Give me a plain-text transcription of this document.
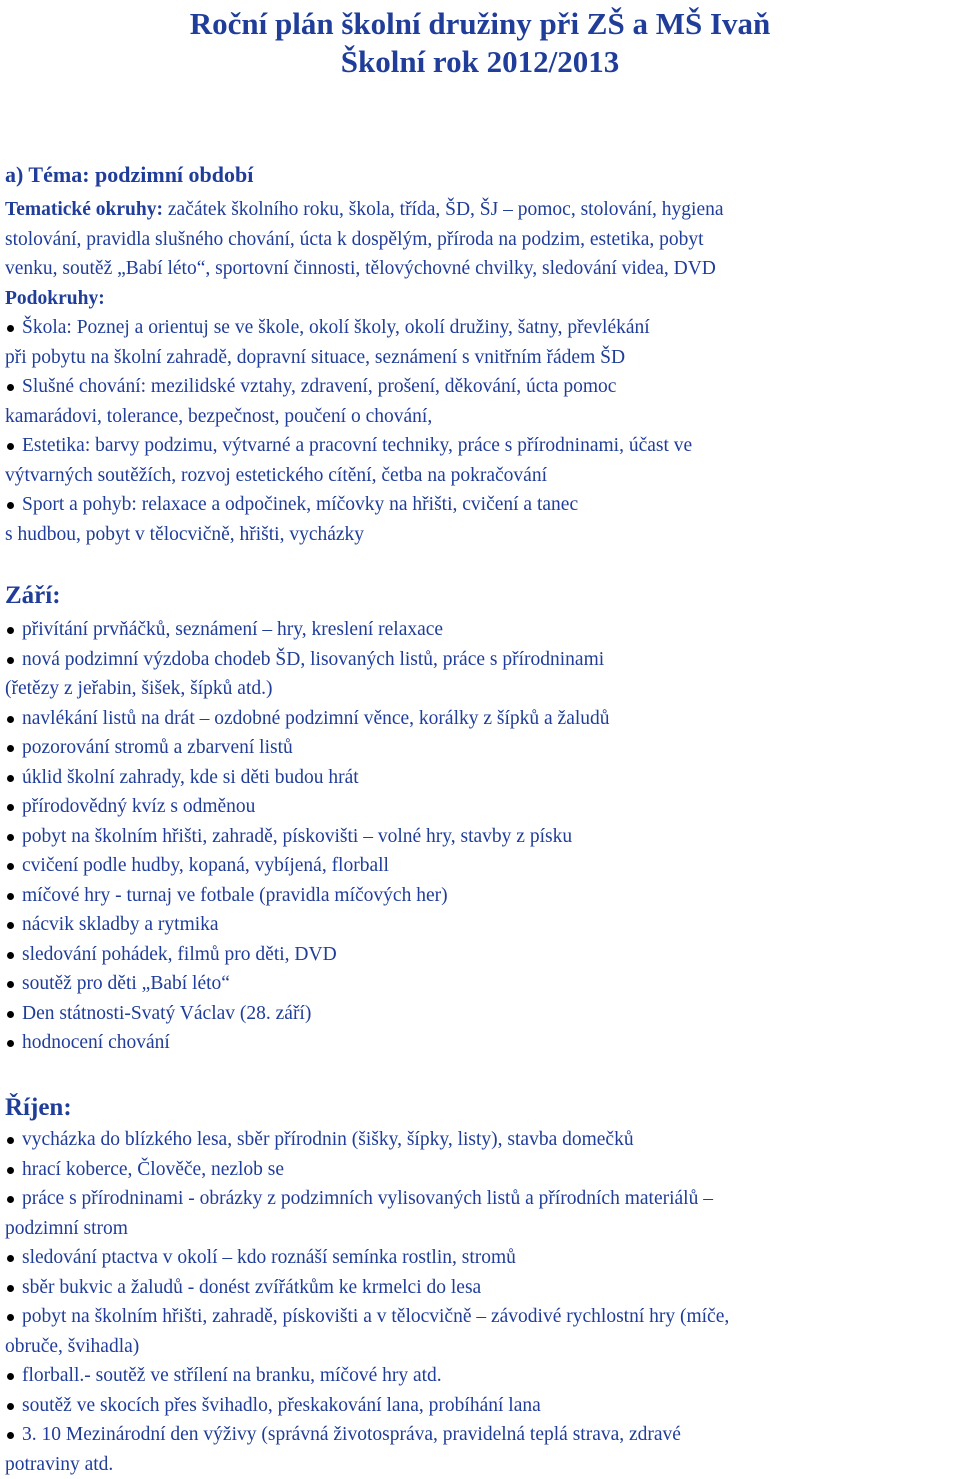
Roční plán školní družiny při ZŠ a MŠ Ivaň
Školní rok 2012/2013
a) Téma: podzimní období
Tematické okruhy: začátek školního roku, škola, třída, ŠD, ŠJ – pomoc, stolování, hygiena
stolování, pravidla slušného chování, úcta k dospělým, příroda na podzim, estetika, pobyt
venku, soutěž „Babí léto“, sportovní činnosti, tělovýchovné chvilky, sledování videa, DVD
Podokruhy:
Škola: Poznej a orientuj se ve škole, okolí školy, okolí družiny, šatny, převlékání
při pobytu na školní zahradě, dopravní situace, seznámení s vnitřním řádem ŠD
Slušné chování: mezilidské vztahy, zdravení, prošení, děkování, úcta pomoc
kamarádovi, tolerance, bezpečnost, poučení o chování,
Estetika: barvy podzimu, výtvarné a pracovní techniky, práce s přírodninami, účast ve
výtvarných soutěžích, rozvoj estetického cítění, četba na pokračování
Sport a pohyb: relaxace a odpočinek, míčovky na hřišti, cvičení a tanec
s hudbou, pobyt v tělocvičně, hřišti, vycházky
Září:
přivítání prvňáčků, seznámení – hry, kreslení relaxace
nová podzimní výzdoba chodeb ŠD, lisovaných listů, práce s přírodninami
(řetězy z jeřabin, šišek, šípků atd.)
navlékání listů na drát – ozdobné podzimní věnce, korálky z šípků a žaludů
pozorování stromů a zbarvení listů
úklid školní zahrady, kde si děti budou hrát
přírodovědný kvíz s odměnou
pobyt na školním hřišti, zahradě, pískovišti – volné hry, stavby z písku
cvičení podle hudby, kopaná, vybíjená, florball
míčové hry - turnaj ve fotbale (pravidla míčových her)
nácvik skladby a rytmika
sledování pohádek, filmů pro děti, DVD
soutěž pro děti „Babí léto“
Den státnosti-Svatý Václav (28. září)
hodnocení chování
Říjen:
vycházka do blízkého lesa, sběr přírodnin (šišky, šípky, listy), stavba domečků
hrací koberce, Člověče, nezlob se
práce s přírodninami - obrázky z podzimních vylisovaných listů a přírodních materiálů –
podzimní strom
sledování ptactva v okolí – kdo roznáší semínka rostlin, stromů
sběr bukvic a žaludů - donést zvířátkům ke krmelci do lesa
pobyt na školním hřišti, zahradě, pískovišti a v tělocvičně – závodivé rychlostní hry (míče,
obruče, švihadla)
florball.- soutěž ve střílení na branku, míčové hry atd.
soutěž ve skocích přes švihadlo, přeskakování lana, probíhání lana
3. 10 Mezinárodní den výživy (správná životospráva, pravidelná teplá strava, zdravé
potraviny atd.
